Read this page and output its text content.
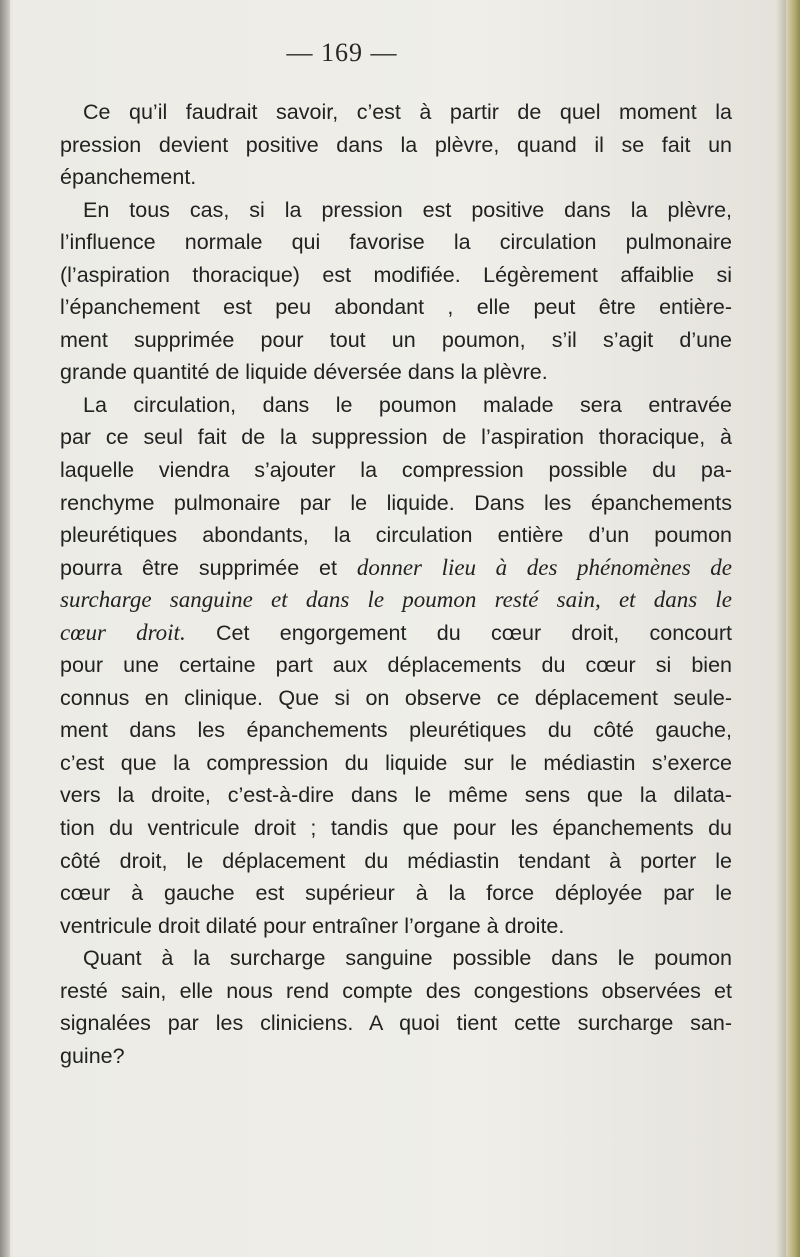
— 169 —
Ce qu’il faudrait savoir, c’est à partir de quel moment la
pression devient positive dans la plèvre, quand il se fait un
épanchement.
En tous cas, si la pression est positive dans la plèvre,
l’influence normale qui favorise la circulation pulmonaire
(l’aspiration thoracique) est modifiée. Légèrement affaiblie si
l’épanchement est peu abondant , elle peut être entière-
ment supprimée pour tout un poumon, s’il s’agit d’une
grande quantité de liquide déversée dans la plèvre.
La circulation, dans le poumon malade sera entravée
par ce seul fait de la suppression de l’aspiration thoracique, à
laquelle viendra s’ajouter la compression possible du pa-
renchyme pulmonaire par le liquide. Dans les épanchements
pleurétiques abondants, la circulation entière d’un poumon
pourra être supprimée et donner lieu à des phénomènes de
surcharge sanguine et dans le poumon resté sain, et dans le
cœur droit. Cet engorgement du cœur droit, concourt
pour une certaine part aux déplacements du cœur si bien
connus en clinique. Que si on observe ce déplacement seule-
ment dans les épanchements pleurétiques du côté gauche,
c’est que la compression du liquide sur le médiastin s’exerce
vers la droite, c’est-à-dire dans le même sens que la dilata-
tion du ventricule droit ; tandis que pour les épanchements du
côté droit, le déplacement du médiastin tendant à porter le
cœur à gauche est supérieur à la force déployée par le
ventricule droit dilaté pour entraîner l’organe à droite.
Quant à la surcharge sanguine possible dans le poumon
resté sain, elle nous rend compte des congestions observées et
signalées par les cliniciens. A quoi tient cette surcharge san-
guine?
